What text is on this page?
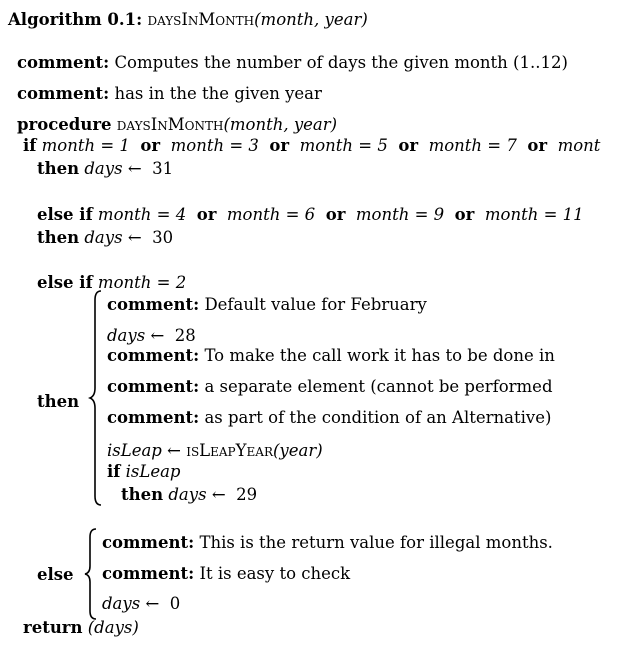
Algorithm 0.1: daysInMonth(month, year)
comment: Computes the number of days the given month (1..12)
comment: has in the the given year
procedure daysInMonth(month, year)
if month = 1 or month = 3 or month = 5 or month = 7 or mont
then days ← 31
else if month = 4 or month = 6 or month = 9 or month = 11
then days ← 30
else if month = 2
then
comment: Default value for February
days ← 28
comment: To make the call work it has to be done in
comment: a separate element (cannot be performed
comment: as part of the condition of an Alternative)
isLeap ← isLeapYear(year)
if isLeap
then days ← 29
else
comment: This is the return value for illegal months.
comment: It is easy to check
days ← 0
return (days)
